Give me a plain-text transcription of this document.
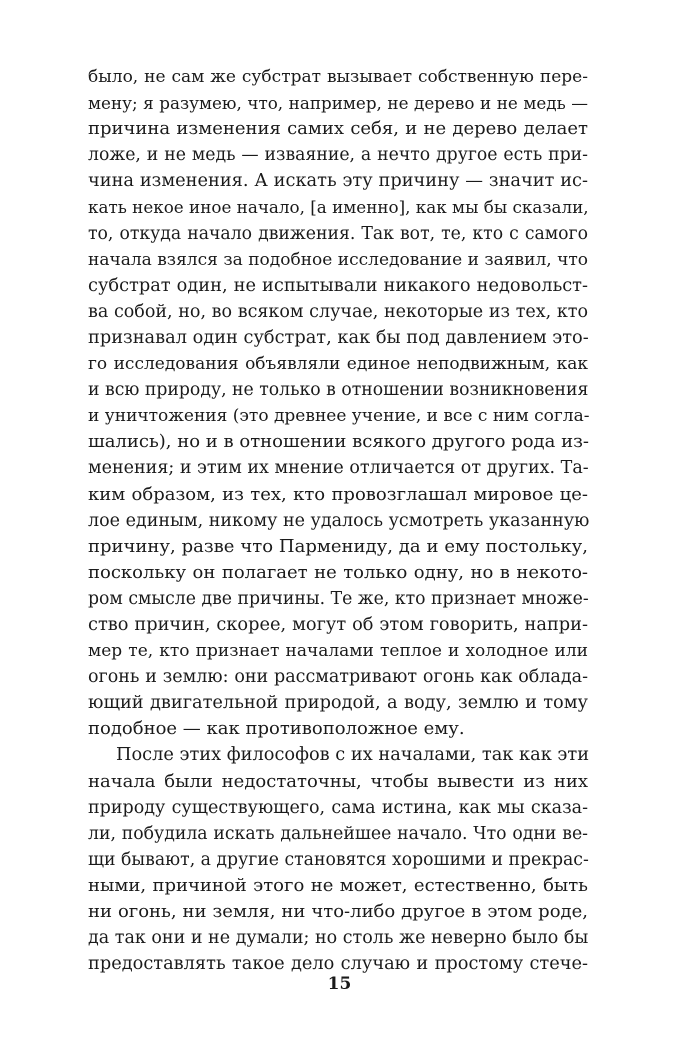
было, не сам же субстрат вызывает собственную пере-
мену; я разумею, что, например, не дерево и не медь —
причина изменения самих себя, и не дерево делает
ложе, и не медь — изваяние, а нечто другое есть при-
чина изменения. А искать эту причину — значит ис-
кать некое иное начало, [а именно], как мы бы сказали,
то, откуда начало движения. Так вот, те, кто с самого
начала взялся за подобное исследование и заявил, что
субстрат один, не испытывали никакого недовольст-
ва собой, но, во всяком случае, некоторые из тех, кто
признавал один субстрат, как бы под давлением это-
го исследования объявляли единое неподвижным, как
и всю природу, не только в отношении возникновения
и уничтожения (это древнее учение, и все с ним согла-
шались), но и в отношении всякого другого рода из-
менения; и этим их мнение отличается от других. Та-
ким образом, из тех, кто провозглашал мировое це-
лое единым, никому не удалось усмотреть указанную
причину, разве что Пармениду, да и ему постольку,
поскольку он полагает не только одну, но в некото-
ром смысле две причины. Те же, кто признает множе-
ство причин, скорее, могут об этом говорить, напри-
мер те, кто признает началами теплое и холодное или
огонь и землю: они рассматривают огонь как облада-
ющий двигательной природой, а воду, землю и тому
подобное — как противоположное ему.
После этих философов с их началами, так как эти
начала были недостаточны, чтобы вывести из них
природу существующего, сама истина, как мы сказа-
ли, побудила искать дальнейшее начало. Что одни ве-
щи бывают, а другие становятся хорошими и прекрас-
ными, причиной этого не может, естественно, быть
ни огонь, ни земля, ни что-либо другое в этом роде,
да так они и не думали; но столь же неверно было бы
предоставлять такое дело случаю и простому стече-
15
